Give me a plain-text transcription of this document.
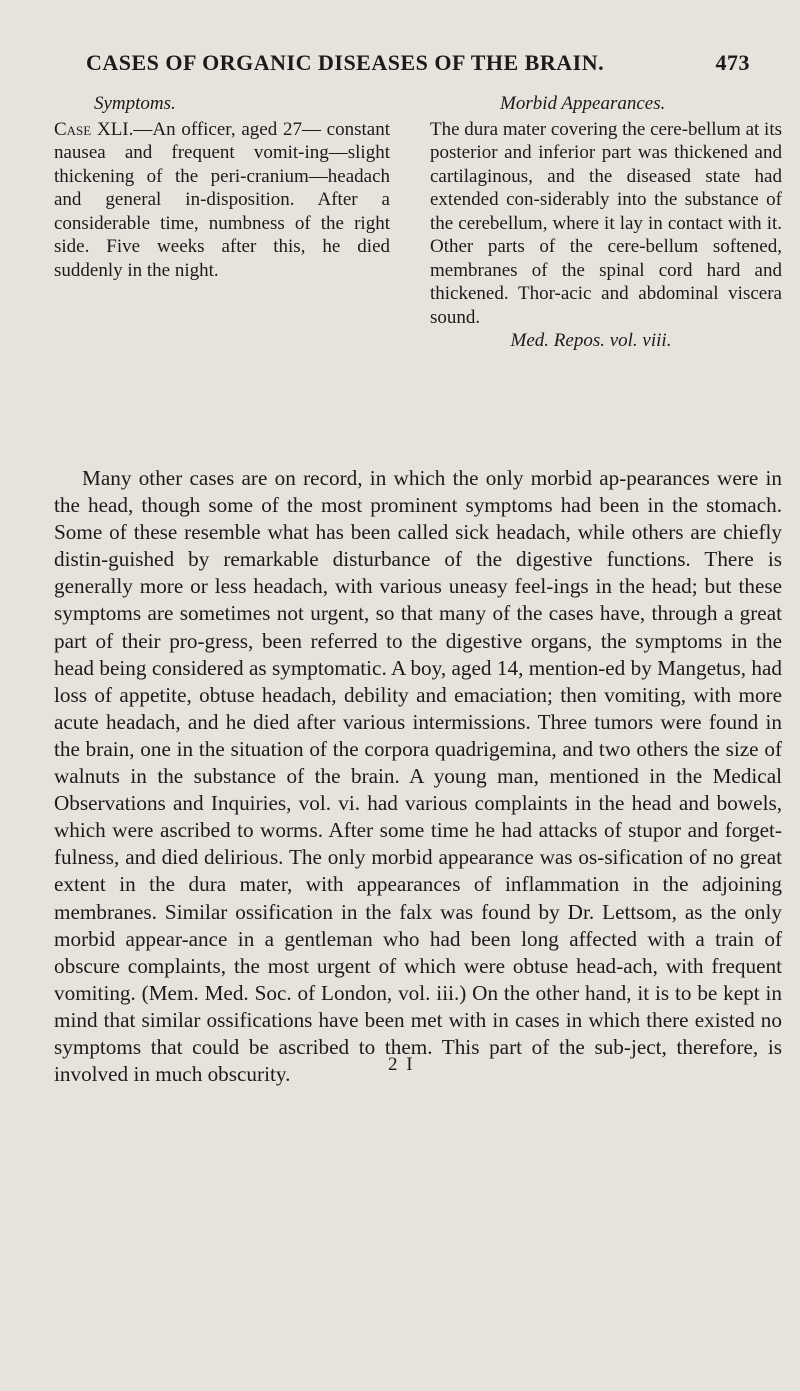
CASES OF ORGANIC DISEASES OF THE BRAIN.	473
Symptoms.
Case XLI.—An officer, aged 27— constant nausea and frequent vomit-ing—slight thickening of the peri-cranium—headach and general in-disposition. After a considerable time, numbness of the right side. Five weeks after this, he died suddenly in the night.
Morbid Appearances.
The dura mater covering the cere-bellum at its posterior and inferior part was thickened and cartilaginous, and the diseased state had extended con-siderably into the substance of the cerebellum, where it lay in contact with it. Other parts of the cere-bellum softened, membranes of the spinal cord hard and thickened. Thor-acic and abdominal viscera sound.
Med. Repos. vol. viii.
Many other cases are on record, in which the only morbid ap-pearances were in the head, though some of the most prominent symptoms had been in the stomach. Some of these resemble what has been called sick headach, while others are chiefly distin-guished by remarkable disturbance of the digestive functions. There is generally more or less headach, with various uneasy feel-ings in the head; but these symptoms are sometimes not urgent, so that many of the cases have, through a great part of their pro-gress, been referred to the digestive organs, the symptoms in the head being considered as symptomatic. A boy, aged 14, mention-ed by Mangetus, had loss of appetite, obtuse headach, debility and emaciation; then vomiting, with more acute headach, and he died after various intermissions. Three tumors were found in the brain, one in the situation of the corpora quadrigemina, and two others the size of walnuts in the substance of the brain. A young man, mentioned in the Medical Observations and Inquiries, vol. vi. had various complaints in the head and bowels, which were ascribed to worms. After some time he had attacks of stupor and forget-fulness, and died delirious. The only morbid appearance was os-sification of no great extent in the dura mater, with appearances of inflammation in the adjoining membranes. Similar ossification in the falx was found by Dr. Lettsom, as the only morbid appear-ance in a gentleman who had been long affected with a train of obscure complaints, the most urgent of which were obtuse head-ach, with frequent vomiting. (Mem. Med. Soc. of London, vol. iii.) On the other hand, it is to be kept in mind that similar ossifications have been met with in cases in which there existed no symptoms that could be ascribed to them. This part of the sub-ject, therefore, is involved in much obscurity.	2 I
